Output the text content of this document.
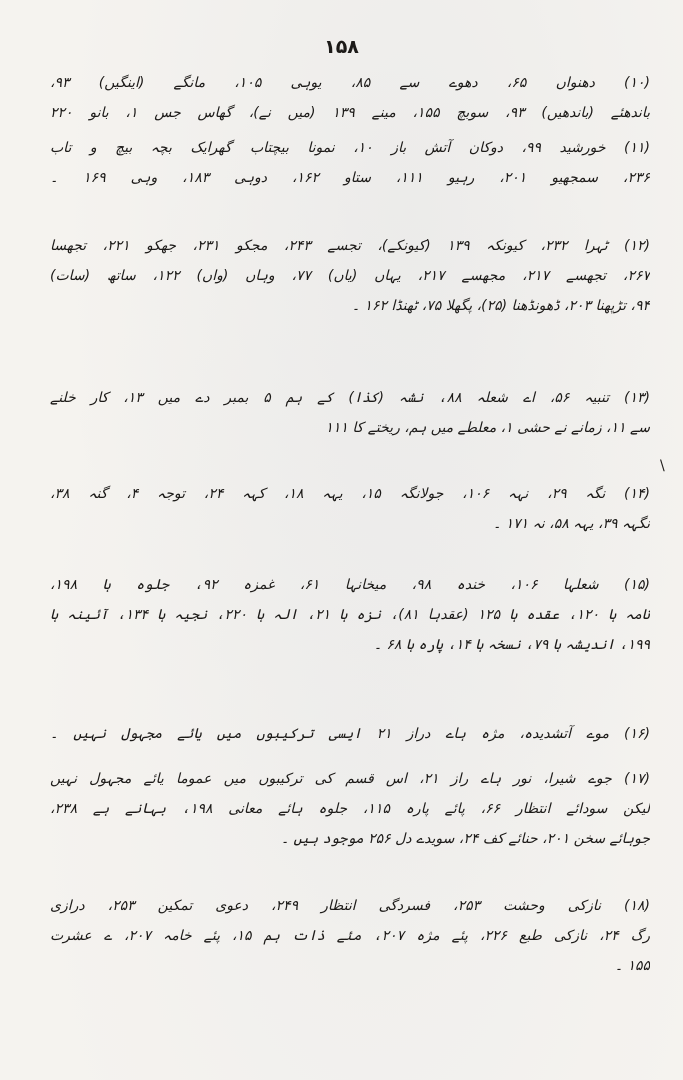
۱۵۸
(۱۰) دھنواں ۶۵، دھوے سے ۸۵، یوہی ۱۰۵، مانگے (اینگیں) ۹۳،
باندھئے (باندھیں) ۹۳، سوبچ ۱۵۵، مینے ۱۳۹ (میں نے)، گھاس جس ۱، بانو ۲۲۰
(۱۱) خورشید ۹۹، دوکان آتش باز ۱۰، نمونا بیچتاب گھرایک بچہ بیچ و تاب
۲۳۶، سمجھیو ۲۰۱، رہیو ۱۱۱، ستاو ۱۶۲، دوہی ۱۸۳، وہی ۱۶۹ ۔
(۱۲) ٹہرا ۲۳۲، کیونکہ ۱۳۹ (کیونکے)، تجسے ۲۴۳، مجکو ۲۳۱، جھکو ۲۲۱، تجھسا
۲۶۷، تجھسے ۲۱۷، مجھسے ۲۱۷، یہاں (یاں) ۷۷، وہاں (واں) ۱۲۲، ساتھ (سات)
۹۴، تڑپھنا ۲۰۳، ڈھونڈھنا (۲۵)، پگھلا ۷۵، ٹھنڈا ۱۶۲ ۔
(۱۳) تنبیہ ۵۶، اے شعلہ ۸۸، نشہ (کذا) کے ہم ۵ بمبر دے میں ۱۳، کار خلنے
سے ۱۱، زمانے نے حشی ۱، معلطے میں ہم، ریختے کا ۱۱۱
(۱۴) نگہ ۲۹، نہہ ۱۰۶، جولانگہ ۱۵، یہہ ۱۸، کہہ ۲۴، توجہ ۴، گنہ ۳۸،
نگہہ ۳۹، یہہ ۵۸، نہ ۱۷۱ ۔
(۱۵) شعلہا ۱۰۶، خندہ ۹۸، میخانہا ۶۱، غمزہ ۹۲، جلوہ ہا ۱۹۸،
نامہ ہا ۱۲۰، عقدہ ہا ۱۲۵ (عقدہا ۸۱)، نزہ ہا ۲۱، الہ ہا ۲۲۰، نجیہ ہا ۱۳۴، آئینہ ہا
۱۹۹، اندیشہ ہا ۷۹، نسخہ ہا ۱۴، پارہ ہا ۶۸ ۔
(۱۶) موے آتشدیدہ، مژہ ہاے دراز ۲۱ ایسی ترکیبوں میں یائے مجہول نہیں ۔
(۱۷) جوے شیرا، نور ہاے راز ۲۱، اس قسم کی ترکیبوں میں عموما یائے مجہول نہیں
لیکن سودائے انتظار ۶۶، پائے پارہ ۱۱۵، جلوہ ہائے معانی ۱۹۸، بہانے ہے ۲۳۸،
جوہائے سخن ۲۰۱، حنائے کف ۲۴، سویدے دل ۲۵۶ موجود ہیں ۔
(۱۸) نازکی وحشت ۲۵۳، فسردگی انتظار ۲۴۹، دعوی تمکین ۲۵۳، درازی
رگ ۲۴، نازکی طبع ۲۲۶، پئے مژہ ۲۰۷، مئے ذات ہم ۱۵، پئے خامہ ۲۰۷، ے عشرت
۱۵۵ ۔
\
